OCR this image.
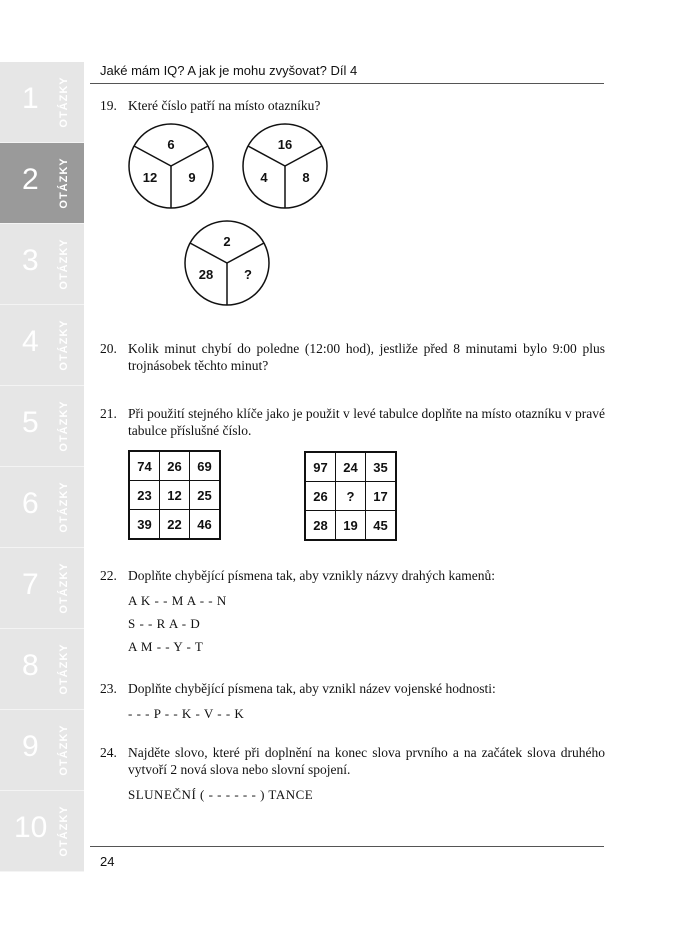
1 OTÁZKY
2 OTÁZKY
3 OTÁZKY
4 OTÁZKY
5 OTÁZKY
6 OTÁZKY
7 OTÁZKY
8 OTÁZKY
9 OTÁZKY
10 OTÁZKY
Jaké mám IQ? A jak je mohu zvyšovat? Díl 4
19. Které číslo patří na místo otazníku?
6
12 9
16
4	8
2
28 ?
20. Kolik minut chybí do poledne (12:00 hod), jestliže před 8 minutami bylo 9:00 plus trojnásobek těchto minut?
21. Při použití stejného klíče jako je použit v levé tabulce doplňte na místo otazníku v pravé tabulce příslušné číslo.
74	26	69
23	12	25
39	22	46
97	24	35
26	?	17
28	19	45
22. Doplňte chybějící písmena tak, aby vznikly názvy drahých kamenů:
A K - - M A - - N
S - - R A - D
A M - - Y - T
23. Doplňte chybějící písmena tak, aby vznikl název vojenské hodnosti:
- - - P - - K - V - - K
24. Najděte slovo, které při doplnění na konec slova prvního a na začátek slova druhého vytvoří 2 nová slova nebo slovní spojení.
SLUNEČNÍ ( - - - - - - ) TANCE
24
